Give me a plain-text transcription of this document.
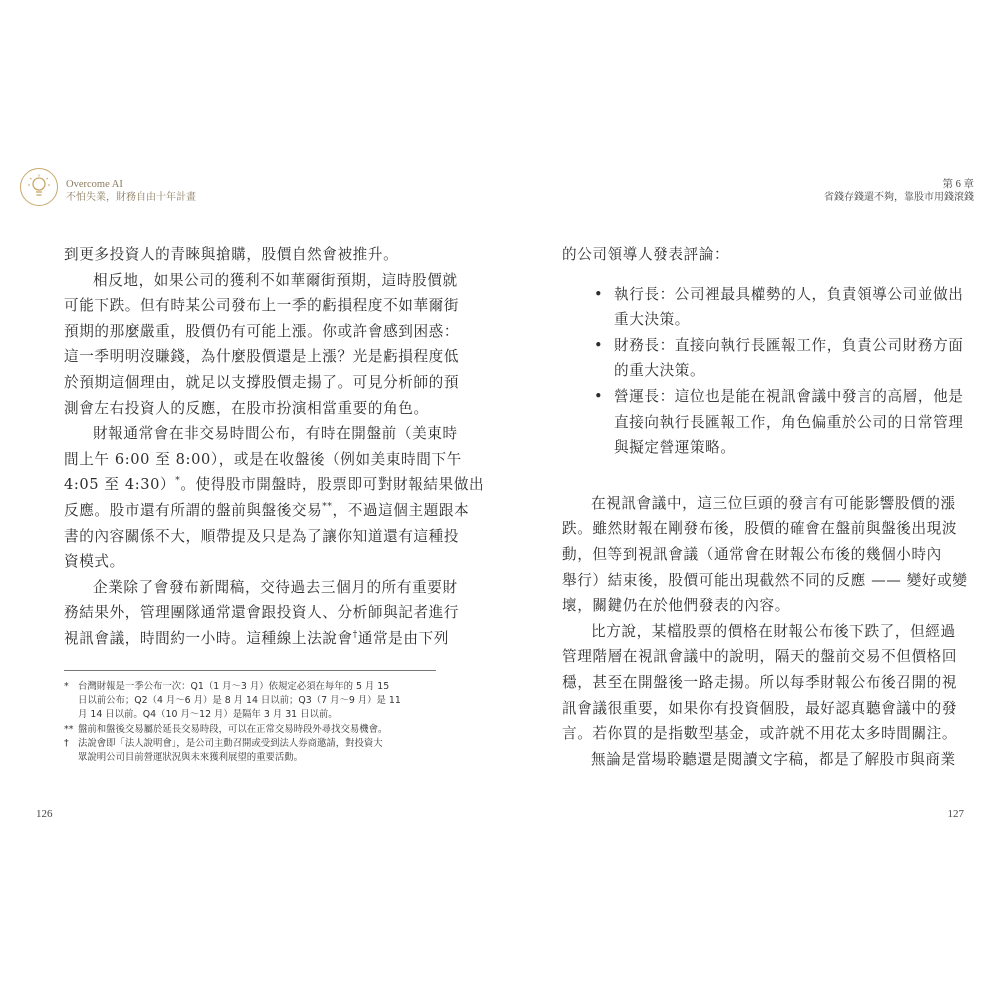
Overcome AI
不怕失業，財務自由十年計畫

到更多投資人的青睞與搶購，股價自然會被推升。

相反地，如果公司的獲利不如華爾街預期，這時股價就
可能下跌。但有時某公司發布上一季的虧損程度不如華爾街
預期的那麼嚴重，股價仍有可能上漲。你或許會感到困惑：
這一季明明沒賺錢，為什麼股價還是上漲？光是虧損程度低
於預期這個理由，就足以支撐股價走揚了。可見分析師的預
測會左右投資人的反應，在股市扮演相當重要的角色。

財報通常會在非交易時間公布，有時在開盤前（美東時
間上午 6:00 至 8:00），或是在收盤後（例如美東時間下午
4:05 至 4:30）*。使得股市開盤時，股票即可對財報結果做出
反應。股市還有所謂的盤前與盤後交易**，不過這個主題跟本
書的內容關係不大，順帶提及只是為了讓你知道還有這種投
資模式。

企業除了會發布新聞稿，交待過去三個月的所有重要財
務結果外，管理團隊通常還會跟投資人、分析師與記者進行
視訊會議，時間約一小時。這種線上法說會†通常是由下列

* 台灣財報是一季公布一次：Q1（1 月～3 月）依規定必須在每年的 5 月 15
日以前公布；Q2（4 月～6 月）是 8 月 14 日以前；Q3（7 月～9 月）是 11
月 14 日以前。Q4（10 月～12 月）是隔年 3 月 31 日以前。
** 盤前和盤後交易屬於延長交易時段，可以在正常交易時段外尋找交易機會。
† 法說會即「法人說明會」，是公司主動召開或受到法人券商邀請，對投資大
眾說明公司目前營運狀況與未來獲利展望的重要活動。
126
第 6 章
省錢存錢還不夠，靠股市用錢滾錢

的公司領導人發表評論：

• 執行長：公司裡最具權勢的人，負責領導公司並做出
重大決策。
• 財務長：直接向執行長匯報工作，負責公司財務方面
的重大決策。
• 營運長：這位也是能在視訊會議中發言的高層，他是
直接向執行長匯報工作，角色偏重於公司的日常管理
與擬定營運策略。

在視訊會議中，這三位巨頭的發言有可能影響股價的漲
跌。雖然財報在剛發布後，股價的確會在盤前與盤後出現波
動，但等到視訊會議（通常會在財報公布後的幾個小時內
舉行）結束後，股價可能出現截然不同的反應 —— 變好或變
壞，關鍵仍在於他們發表的內容。

比方說，某檔股票的價格在財報公布後下跌了，但經過
管理階層在視訊會議中的說明，隔天的盤前交易不但價格回
穩，甚至在開盤後一路走揚。所以每季財報公布後召開的視
訊會議很重要，如果你有投資個股，最好認真聽會議中的發
言。若你買的是指數型基金，或許就不用花太多時間關注。

無論是當場聆聽還是閱讀文字稿，都是了解股市與商業

127
